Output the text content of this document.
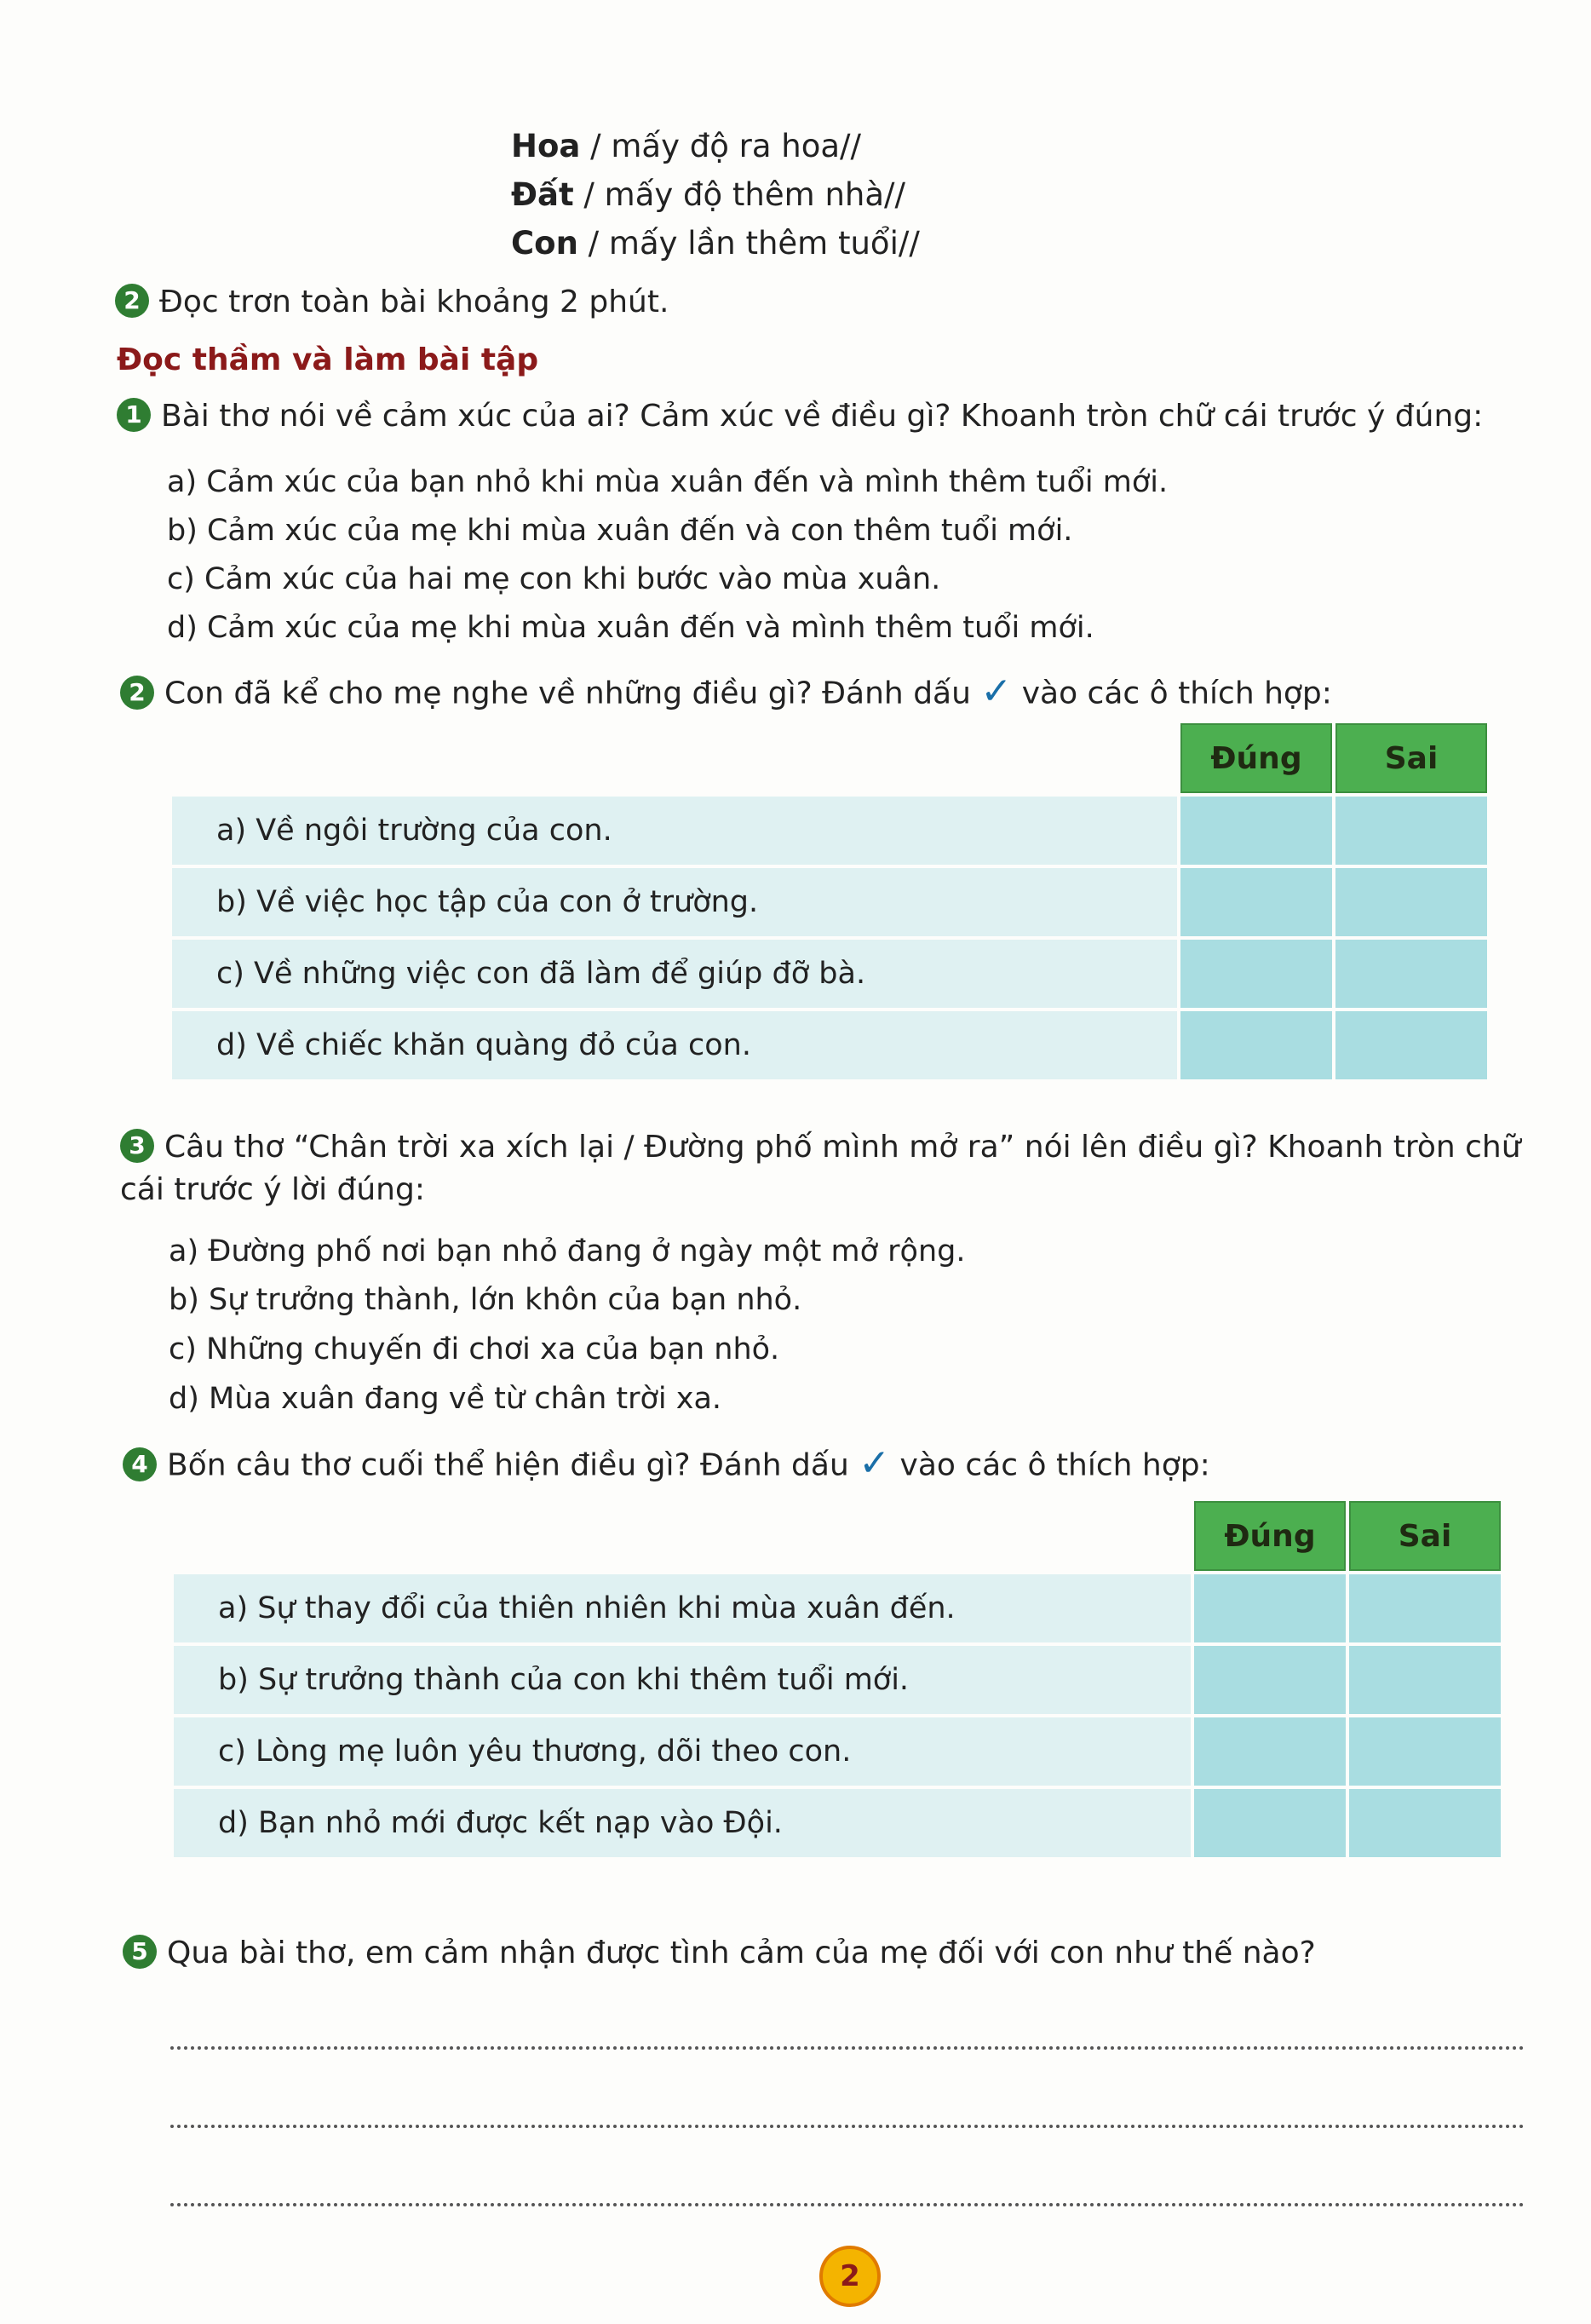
Hoa / mấy độ ra hoa//
Đất / mấy độ thêm nhà//
Con / mấy lần thêm tuổi//
2 Đọc trơn toàn bài khoảng 2 phút.
Đọc thầm và làm bài tập
1 Bài thơ nói về cảm xúc của ai? Cảm xúc về điều gì? Khoanh tròn chữ cái trước ý đúng:
a) Cảm xúc của bạn nhỏ khi mùa xuân đến và mình thêm tuổi mới.
b) Cảm xúc của mẹ khi mùa xuân đến và con thêm tuổi mới.
c) Cảm xúc của hai mẹ con khi bước vào mùa xuân.
d) Cảm xúc của mẹ khi mùa xuân đến và mình thêm tuổi mới.
2 Con đã kể cho mẹ nghe về những điều gì? Đánh dấu ✓ vào các ô thích hợp:
	Đúng	Sai
a) Về ngôi trường của con.		
b) Về việc học tập của con ở trường.		
c) Về những việc con đã làm để giúp đỡ bà.		
d) Về chiếc khăn quàng đỏ của con.		
3 Câu thơ “Chân trời xa xích lại / Đường phố mình mở ra” nói lên điều gì? Khoanh tròn chữ
cái trước ý lời đúng:
a) Đường phố nơi bạn nhỏ đang ở ngày một mở rộng.
b) Sự trưởng thành, lớn khôn của bạn nhỏ.
c) Những chuyến đi chơi xa của bạn nhỏ.
d) Mùa xuân đang về từ chân trời xa.
4 Bốn câu thơ cuối thể hiện điều gì? Đánh dấu ✓ vào các ô thích hợp:
	Đúng	Sai
a) Sự thay đổi của thiên nhiên khi mùa xuân đến.		
b) Sự trưởng thành của con khi thêm tuổi mới.		
c) Lòng mẹ luôn yêu thương, dõi theo con.		
d) Bạn nhỏ mới được kết nạp vào Đội.		
5 Qua bài thơ, em cảm nhận được tình cảm của mẹ đối với con như thế nào?
2
